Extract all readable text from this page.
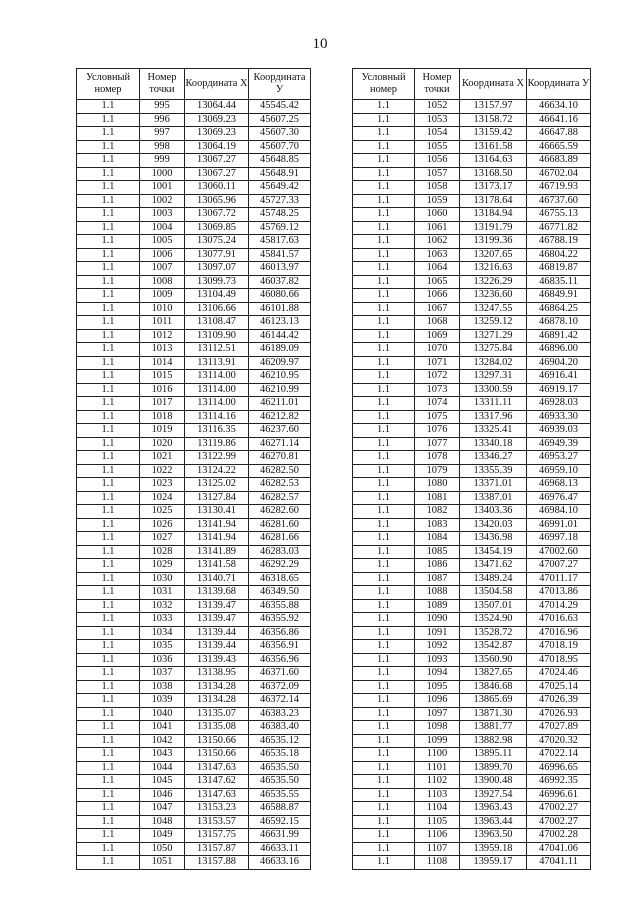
10
Условный номер	Номер точки	Координата X	Координата У
1.1	995	13064.44	45545.42
1.1	996	13069.23	45607.25
1.1	997	13069.23	45607.30
1.1	998	13064.19	45607.70
1.1	999	13067.27	45648.85
1.1	1000	13067.27	45648.91
1.1	1001	13060.11	45649.42
1.1	1002	13065.96	45727.33
1.1	1003	13067.72	45748.25
1.1	1004	13069.85	45769.12
1.1	1005	13075.24	45817.63
1.1	1006	13077.91	45841.57
1.1	1007	13097.07	46013.97
1.1	1008	13099.73	46037.82
1.1	1009	13104.49	46080.66
1.1	1010	13106.66	46101.88
1.1	1011	13108.47	46123.13
1.1	1012	13109.90	46144.42
1.1	1013	13112.51	46189.09
1.1	1014	13113.91	46209.97
1.1	1015	13114.00	46210.95
1.1	1016	13114.00	46210.99
1.1	1017	13114.00	46211.01
1.1	1018	13114.16	46212.82
1.1	1019	13116.35	46237.60
1.1	1020	13119.86	46271.14
1.1	1021	13122.99	46270.81
1.1	1022	13124.22	46282.50
1.1	1023	13125.02	46282.53
1.1	1024	13127.84	46282.57
1.1	1025	13130.41	46282.60
1.1	1026	13141.94	46281.60
1.1	1027	13141.94	46281.66
1.1	1028	13141.89	46283.03
1.1	1029	13141.58	46292.29
1.1	1030	13140.71	46318.65
1.1	1031	13139.68	46349.50
1.1	1032	13139.47	46355.88
1.1	1033	13139.47	46355.92
1.1	1034	13139.44	46356.86
1.1	1035	13139.44	46356.91
1.1	1036	13139.43	46356.96
1.1	1037	13138.95	46371.60
1.1	1038	13134.28	46372.09
1.1	1039	13134.28	46372.14
1.1	1040	13135.07	46383.23
1.1	1041	13135.08	46383.40
1.1	1042	13150.66	46535.12
1.1	1043	13150.66	46535.18
1.1	1044	13147.63	46535.50
1.1	1045	13147.62	46535.50
1.1	1046	13147.63	46535.55
1.1	1047	13153.23	46588.87
1.1	1048	13153.57	46592.15
1.1	1049	13157.75	46631.99
1.1	1050	13157.87	46633.11
1.1	1051	13157.88	46633.16
Условный номер	Номер точки	Координата X	Координата У
1.1	1052	13157.97	46634.10
1.1	1053	13158.72	46641.16
1.1	1054	13159.42	46647.88
1.1	1055	13161.58	46665.59
1.1	1056	13164.63	46683.89
1.1	1057	13168.50	46702.04
1.1	1058	13173.17	46719.93
1.1	1059	13178.64	46737.60
1.1	1060	13184.94	46755.13
1.1	1061	13191.79	46771.82
1.1	1062	13199.36	46788.19
1.1	1063	13207.65	46804.22
1.1	1064	13216.63	46819.87
1.1	1065	13226.29	46835.11
1.1	1066	13236.60	46849.91
1.1	1067	13247.55	46864.25
1.1	1068	13259.12	46878.10
1.1	1069	13271.29	46891.42
1.1	1070	13275.84	46896.00
1.1	1071	13284.02	46904.20
1.1	1072	13297.31	46916.41
1.1	1073	13300.59	46919.17
1.1	1074	13311.11	46928.03
1.1	1075	13317.96	46933.30
1.1	1076	13325.41	46939.03
1.1	1077	13340.18	46949.39
1.1	1078	13346.27	46953.27
1.1	1079	13355.39	46959.10
1.1	1080	13371.01	46968.13
1.1	1081	13387.01	46976.47
1.1	1082	13403.36	46984.10
1.1	1083	13420.03	46991.01
1.1	1084	13436.98	46997.18
1.1	1085	13454.19	47002.60
1.1	1086	13471.62	47007.27
1.1	1087	13489.24	47011.17
1.1	1088	13504.58	47013.86
1.1	1089	13507.01	47014.29
1.1	1090	13524.90	47016.63
1.1	1091	13528.72	47016.96
1.1	1092	13542.87	47018.19
1.1	1093	13560.90	47018.95
1.1	1094	13827.65	47024.46
1.1	1095	13846.68	47025.14
1.1	1096	13865.69	47026.39
1.1	1097	13871.30	47026.93
1.1	1098	13881.77	47027.89
1.1	1099	13882.98	47020.32
1.1	1100	13895.11	47022.14
1.1	1101	13899.70	46996.65
1.1	1102	13900.48	46992.35
1.1	1103	13927.54	46996.61
1.1	1104	13963.43	47002.27
1.1	1105	13963.44	47002.27
1.1	1106	13963.50	47002.28
1.1	1107	13959.18	47041.06
1.1	1108	13959.17	47041.11
